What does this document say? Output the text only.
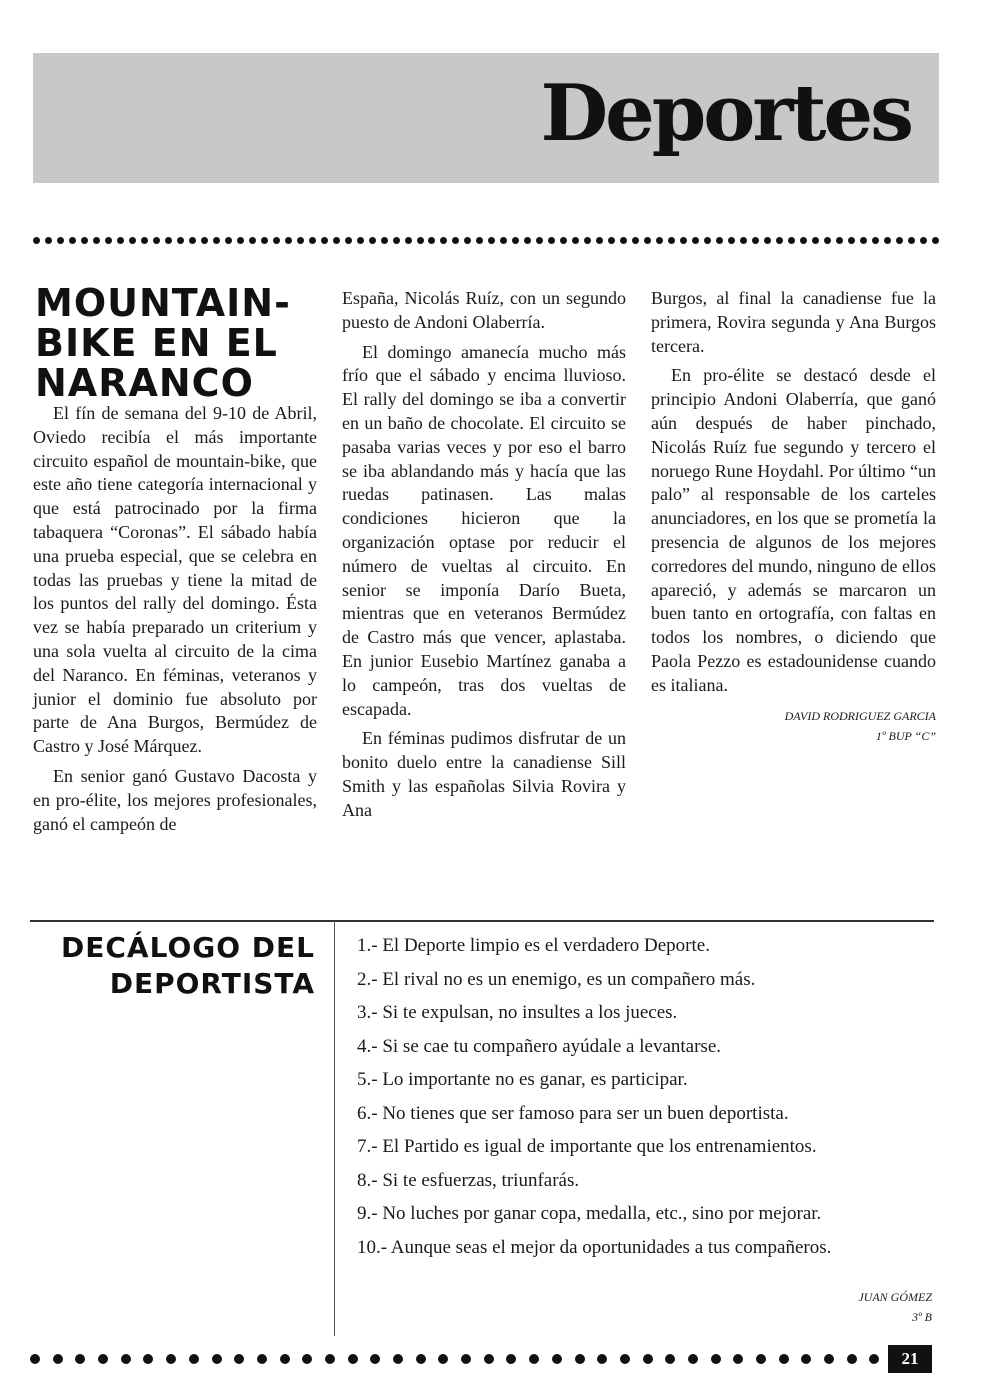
Deportes
MOUNTAIN-
BIKE EN EL
NARANCO

El fín de semana del 9-10 de Abril, Oviedo recibía el más importante circuito español de mountain-bike, que este año tiene categoría internacional y que está patrocinado por la firma tabaquera “Coronas”. El sábado había una prueba especial, que se celebra en todas las pruebas y tiene la mitad de los puntos del rally del domingo. Ésta vez se había preparado un criterium y una sola vuelta al circuito de la cima del Naranco. En féminas, veteranos y junior el dominio fue absoluto por parte de Ana Burgos, Bermúdez de Castro y José Márquez.

En senior ganó Gustavo Dacosta y en pro-élite, los mejores profesionales, ganó el campeón de

España, Nicolás Ruíz, con un segundo puesto de Andoni Olaberría.

El domingo amanecía mucho más frío que el sábado y encima lluvioso. El rally del domingo se iba a convertir en un baño de chocolate. El circuito se pasaba varias veces y por eso el barro se iba ablandando más y hacía que las ruedas patinasen. Las malas condiciones hicieron que la organización optase por reducir el número de vueltas al circuito. En senior se imponía Darío Bueta, mientras que en veteranos Bermúdez de Castro más que vencer, aplastaba. En junior Eusebio Martínez ganaba a lo campeón, tras dos vueltas de escapada.

En féminas pudimos disfrutar de un bonito duelo entre la canadiense Sill Smith y las españolas Silvia Rovira y Ana

Burgos, al final la canadiense fue la primera, Rovira segunda y Ana Burgos tercera.

En pro-élite se destacó desde el principio Andoni Olaberría, que ganó aún después de haber pinchado, Nicolás Ruíz fue segundo y tercero el noruego Rune Hoydahl. Por último “un palo” al responsable de los carteles anunciadores, en los que se prometía la presencia de algunos de los mejores corredores del mundo, ninguno de ellos apareció, y además se marcaron un buen tanto en ortografía, con faltas en todos los nombres, o diciendo que Paola Pezzo es estadounidense cuando es italiana.

DAVID RODRIGUEZ GARCIA
1º BUP “C”
DECÁLOGO DEL
DEPORTISTA
1.- El Deporte limpio es el verdadero Deporte.
2.- El rival no es un enemigo, es un compañero más.
3.- Si te expulsan, no insultes a los jueces.
4.- Si se cae tu compañero ayúdale a levantarse.
5.- Lo importante no es ganar, es participar.
6.- No tienes que ser famoso para ser un buen deportista.
7.- El Partido es igual de importante que los entrenamientos.
8.- Si te esfuerzas, triunfarás.
9.- No luches por ganar copa, medalla, etc., sino por mejorar.
10.- Aunque seas el mejor da oportunidades a tus compañeros.
JUAN GÓMEZ
3º B
21
